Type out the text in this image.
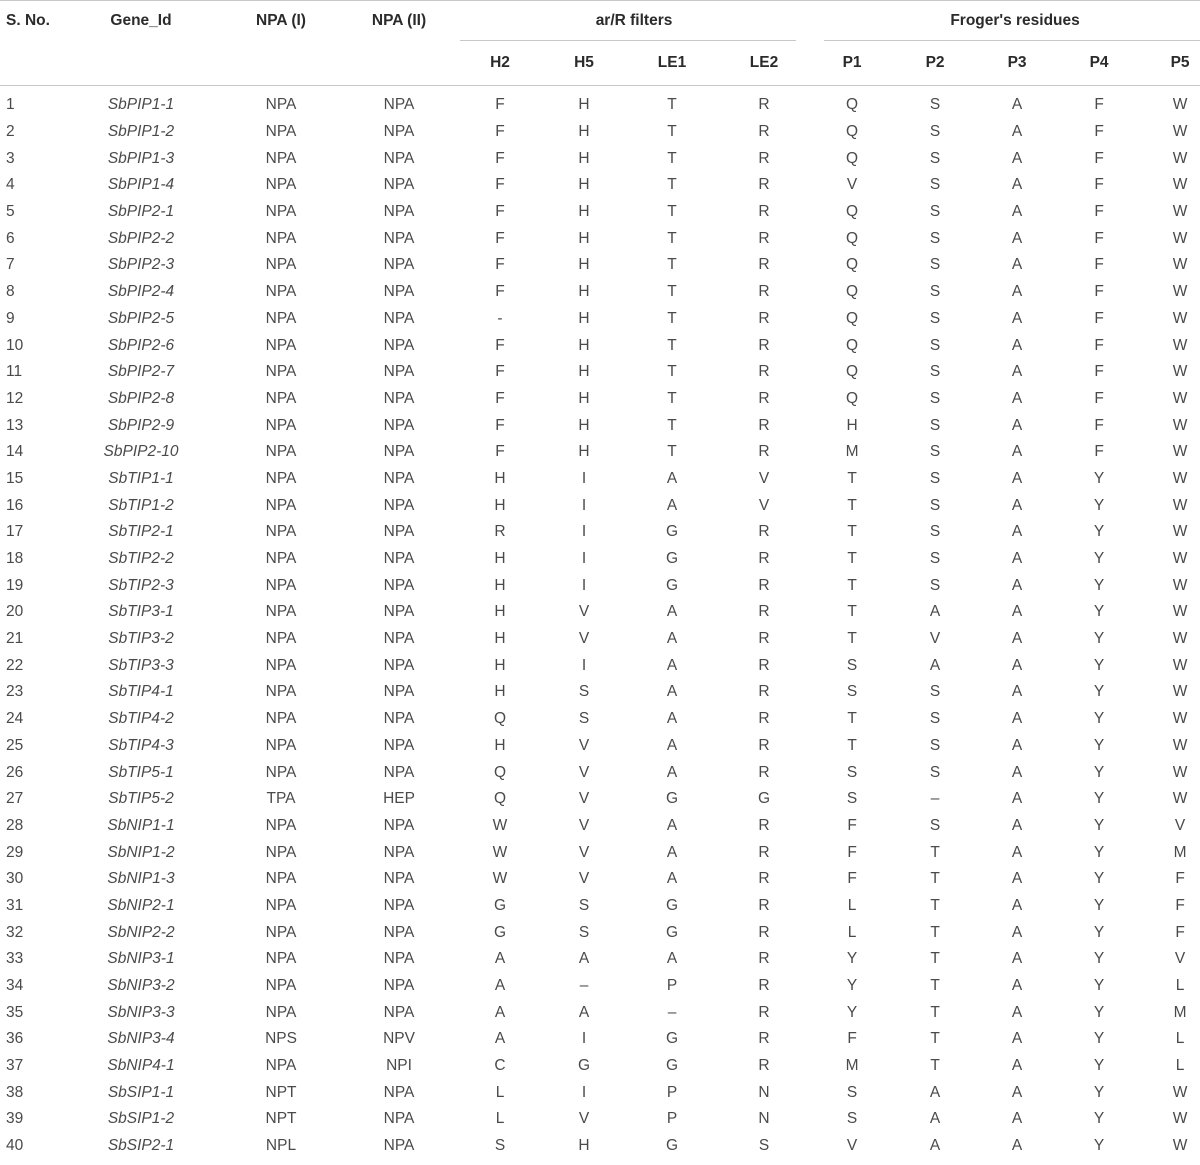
S. No.	Gene_Id	NPA (I)	NPA (II)	ar/R filters				Froger's residues				

				H2	H5	LE1	LE2	P1	P2	P3	P4	P5
1	SbPIP1-1	NPA	NPA	F	H	T	R	Q	S	A	F	W
2	SbPIP1-2	NPA	NPA	F	H	T	R	Q	S	A	F	W
3	SbPIP1-3	NPA	NPA	F	H	T	R	Q	S	A	F	W
4	SbPIP1-4	NPA	NPA	F	H	T	R	V	S	A	F	W
5	SbPIP2-1	NPA	NPA	F	H	T	R	Q	S	A	F	W
6	SbPIP2-2	NPA	NPA	F	H	T	R	Q	S	A	F	W
7	SbPIP2-3	NPA	NPA	F	H	T	R	Q	S	A	F	W
8	SbPIP2-4	NPA	NPA	F	H	T	R	Q	S	A	F	W
9	SbPIP2-5	NPA	NPA	-	H	T	R	Q	S	A	F	W
10	SbPIP2-6	NPA	NPA	F	H	T	R	Q	S	A	F	W
11	SbPIP2-7	NPA	NPA	F	H	T	R	Q	S	A	F	W
12	SbPIP2-8	NPA	NPA	F	H	T	R	Q	S	A	F	W
13	SbPIP2-9	NPA	NPA	F	H	T	R	H	S	A	F	W
14	SbPIP2-10	NPA	NPA	F	H	T	R	M	S	A	F	W
15	SbTIP1-1	NPA	NPA	H	I	A	V	T	S	A	Y	W
16	SbTIP1-2	NPA	NPA	H	I	A	V	T	S	A	Y	W
17	SbTIP2-1	NPA	NPA	R	I	G	R	T	S	A	Y	W
18	SbTIP2-2	NPA	NPA	H	I	G	R	T	S	A	Y	W
19	SbTIP2-3	NPA	NPA	H	I	G	R	T	S	A	Y	W
20	SbTIP3-1	NPA	NPA	H	V	A	R	T	A	A	Y	W
21	SbTIP3-2	NPA	NPA	H	V	A	R	T	V	A	Y	W
22	SbTIP3-3	NPA	NPA	H	I	A	R	S	A	A	Y	W
23	SbTIP4-1	NPA	NPA	H	S	A	R	S	S	A	Y	W
24	SbTIP4-2	NPA	NPA	Q	S	A	R	T	S	A	Y	W
25	SbTIP4-3	NPA	NPA	H	V	A	R	T	S	A	Y	W
26	SbTIP5-1	NPA	NPA	Q	V	A	R	S	S	A	Y	W
27	SbTIP5-2	TPA	HEP	Q	V	G	G	S	–	A	Y	W
28	SbNIP1-1	NPA	NPA	W	V	A	R	F	S	A	Y	V
29	SbNIP1-2	NPA	NPA	W	V	A	R	F	T	A	Y	M
30	SbNIP1-3	NPA	NPA	W	V	A	R	F	T	A	Y	F
31	SbNIP2-1	NPA	NPA	G	S	G	R	L	T	A	Y	F
32	SbNIP2-2	NPA	NPA	G	S	G	R	L	T	A	Y	F
33	SbNIP3-1	NPA	NPA	A	A	A	R	Y	T	A	Y	V
34	SbNIP3-2	NPA	NPA	A	–	P	R	Y	T	A	Y	L
35	SbNIP3-3	NPA	NPA	A	A	–	R	Y	T	A	Y	M
36	SbNIP3-4	NPS	NPV	A	I	G	R	F	T	A	Y	L
37	SbNIP4-1	NPA	NPI	C	G	G	R	M	T	A	Y	L
38	SbSIP1-1	NPT	NPA	L	I	P	N	S	A	A	Y	W
39	SbSIP1-2	NPT	NPA	L	V	P	N	S	A	A	Y	W
40	SbSIP2-1	NPL	NPA	S	H	G	S	V	A	A	Y	W
